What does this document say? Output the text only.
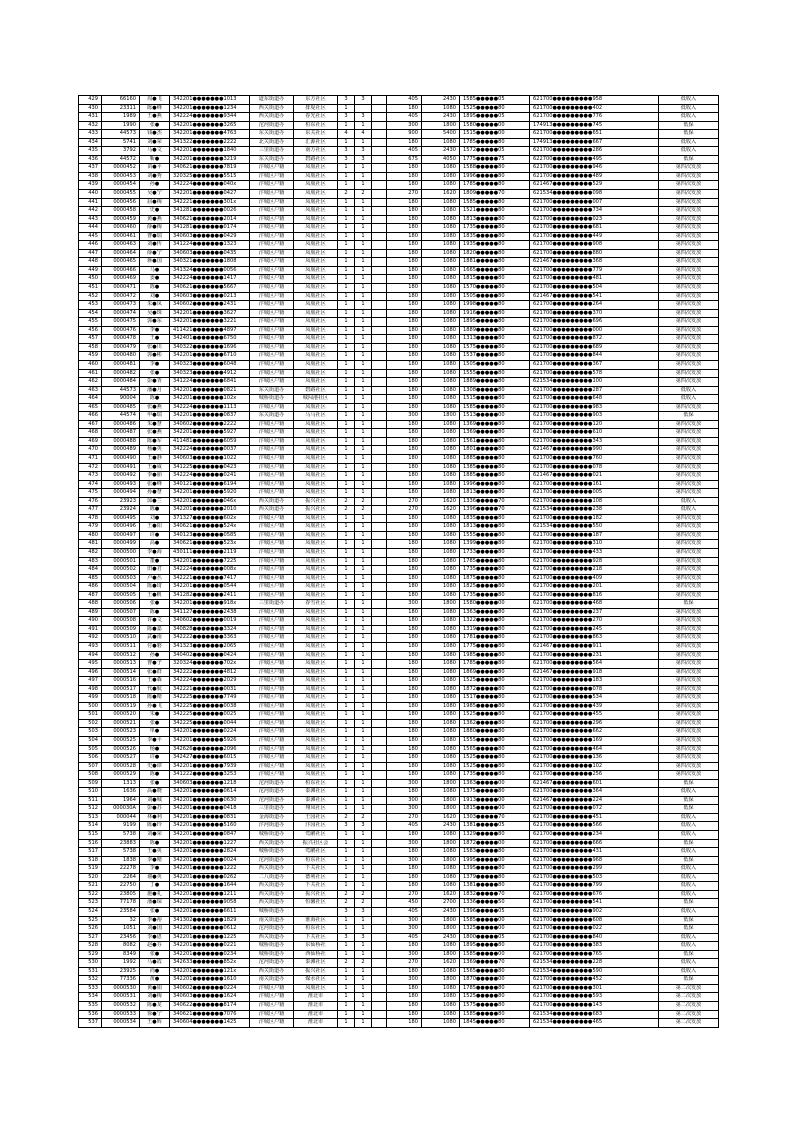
429	66160	周●飞	342201●●●●●●●1013	道东街道办	东方社区	3	3		405	2430	1585●●●●●05	621700●●●●●●●●●958	低收入
430	23311	陈●峰	342201●●●●●●●1234	西关街道办	排堤社区	1			180	1080	1525●●●●●80	621700●●●●●●●●●402	低收入
431	1989	王●燕	342224●●●●●●●9344	西关街道办	春光社区	3	3		405	2430	1895●●●●●05	621700●●●●●●●●●776	低收入
432	1990	张●	342201●●●●●●●3265	沱河街道办	桓东社区	1	1		300	1800	1580●●●●●00	174913●●●●●●●●●745	低保
433	44573	钱●杰	342201●●●●●●●4763	东关街道办	东关社区	4	4		900	5400	1515●●●●●00	621700●●●●●●●●●651	低保
434	5741	刘●荣	341322●●●●●●●2222	北关街道办	汇源社区	1	1		180	1080	1785●●●●●80	174913●●●●●●●●●667	低收入
435	3792	马●文	342201●●●●●●●1840	三里街道办	南方社区	3	3		405	2430	1572●●●●●05	621700●●●●●●●●●286	低收入
436	44572	靳●	342201●●●●●●●3219	东关街道办	碧路社区	3	3		675	4050	1775●●●●●75	622700●●●●●●●●●495	低保
437	0000452	苗●平	340621●●●●●●●7819	汴城区户籍	凤凰社区	1	1		180	1080	1588●●●●●80	621700●●●●●●●●●946	第四次发放
438	0000453	刘●秀	320325●●●●●●●5515	汴城区户籍	凤凰社区	1	1		180	1080	1996●●●●●80	621700●●●●●●●●●489	第四次发放
439	0000454	孙●	342224●●●●●●●040x	汴城区户籍	凤凰社区	1	1		180	1080	1785●●●●●80	621467●●●●●●●●●529	第四次发放
440	0000455	吴●宁	342201●●●●●●●0427	汴城区户籍	凤凰社区	2	2		270	1620	1809●●●●●70	621534●●●●●●●●●098	第四次发放
441	0000456	屈●梅	342221●●●●●●●301x	汴城区户籍	凤凰社区	1	1		180	1080	1585●●●●●80	621700●●●●●●●●●007	第四次发放
442	0000458	史●	341281●●●●●●●0026	汴城区户籍	凤凰社区	1	1		180	1080	1521●●●●●80	621700●●●●●●●●●734	第四次发放
443	0000459	黄●燕	340621●●●●●●●2014	汴城区户籍	凤凰社区	1	1		180	1080	1813●●●●●80	621700●●●●●●●●●023	第四次发放
444	0000460	薛●梅	341281●●●●●●●0174	汴城区户籍	凤凰社区	1	1		180	1080	1735●●●●●80	621700●●●●●●●●●681	第四次发放
445	0000461	曹●瑞	340603●●●●●●●0429	汴城区户籍	凤凰社区	1	1		180	1080	1835●●●●●80	621700●●●●●●●●●449	第四次发放
446	0000463	刘●传	341224●●●●●●●1323	汴城区户籍	凤凰社区	1	1		180	1080	1935●●●●●80	621700●●●●●●●●●908	第四次发放
447	0000464	薛●宁	340603●●●●●●●0435	汴城区户籍	凤凰社区	1	1		180	1080	1820●●●●●80	621700●●●●●●●●●880	第四次发放
448	0000465	蒋●国	340321●●●●●●●1808	汴城区户籍	凤凰社区	1	1		180	1080	1881●●●●●80	621467●●●●●●●●●368	第四次发放
449	0000466	马●	341324●●●●●●●0056	汴城区户籍	凤凰社区	1	1		180	1080	1665●●●●●80	621700●●●●●●●●●779	第四次发放
450	0000469	姜●	342224●●●●●●●1417	汴城区户籍	凤凰社区	1	1		180	1080	1815●●●●●80	621700●●●●●●●●●481	第四次发放
451	0000471	陈●	340621●●●●●●●5667	汴城区户籍	凤凰社区	1	1		180	1080	1570●●●●●80	621700●●●●●●●●●504	第四次发放
452	0000472	刘●	340603●●●●●●●0213	汴城区户籍	凤凰社区	1	1		180	1080	1505●●●●●80	621467●●●●●●●●●541	第四次发放
453	0000473	朱●凤	340602●●●●●●●2431	汴城区户籍	凤凰社区	1	1		180	1080	1998●●●●●80	621700●●●●●●●●●264	第四次发放
454	0000474	吴●珠	342201●●●●●●●3627	汴城区户籍	凤凰社区	1	1		180	1080	1916●●●●●80	621700●●●●●●●●●370	第四次发放
455	0000475	郭●东	342201●●●●●●●3221	汴城区户籍	凤凰社区	1	1		180	1080	1895●●●●●80	621700●●●●●●●●●696	第四次发放
456	0000476	李●	411421●●●●●●●4897	汴城区户籍	凤凰社区	1	1		180	1080	1889●●●●●80	621700●●●●●●●●●000	第四次发放
457	0000478	王●	342401●●●●●●●6750	汴城区户籍	凤凰社区	1	1		180	1080	1313●●●●●80	621700●●●●●●●●●872	第四次发放
458	0000479	张●川	340322●●●●●●●1696	汴城区户籍	凤凰社区	1	1		180	1080	1575●●●●●80	621700●●●●●●●●●689	第四次发放
459	0000480	郭●彬	342201●●●●●●●6710	汴城区户籍	凤凰社区	1	1		180	1080	1537●●●●●80	621700●●●●●●●●●844	第四次发放
460	0000481	李●	340323●●●●●●●6048	汴城区户籍	凤凰社区	1	1		180	1080	1505●●●●●80	621700●●●●●●●●●367	第四次发放
461	0000482	张●	340323●●●●●●●4912	汴城区户籍	凤凰社区	1	1		180	1080	1555●●●●●80	621700●●●●●●●●●578	第四次发放
462	0000484	彭●青	341224●●●●●●●6841	汴城区户籍	凤凰社区	1	1		180	1080	1889●●●●●80	621534●●●●●●●●●100	第四次发放
463	44573	潘●月	342201●●●●●●●0821	东关街道办	碧路社区	1	1		180	1080	1308●●●●●80	621700●●●●●●●●●287	低收入
464	90004	陈●	342201●●●●●●●102x	城桥街道办	城闯港社区	1	1		180	1080	1515●●●●●80	621700●●●●●●●●●648	低收入
465	0000485	张●燕	342224●●●●●●●1113	汴城区户籍	凤凰社区	1	1		180	1080	1585●●●●●80	621700●●●●●●●●●983	第四次发放
466	44574	申●瑞	342201●●●●●●●0837	东关街道办	马马社区	1	1		300	1800	1513●●●●●00	621700●●●●●●●●●903	低保
467	0000486	朱●慧	340602●●●●●●●2222	汴城区户籍	凤凰社区	1	1		180	1080	1369●●●●●80	621700●●●●●●●●●120	第四次发放
468	0000487	张●燕	342201●●●●●●●5927	汴城区户籍	凤凰社区	1	1		180	1080	1369●●●●●80	621700●●●●●●●●●610	第四次发放
469	0000488	陈●军	411481●●●●●●●6059	汴城区户籍	凤凰社区	1	1		180	1080	1561●●●●●80	621700●●●●●●●●●343	第四次发放
470	0000489	杨●英	342224●●●●●●●0037	汴城区户籍	凤凰社区	1	1		180	1080	1801●●●●●80	621467●●●●●●●●●990	第四次发放
471	0000490	王●静	340603●●●●●●●1022	汴城区户籍	凤凰社区	1	1		180	1080	1885●●●●●80	621700●●●●●●●●●760	第四次发放
472	0000491	王●威	341225●●●●●●●0423	汴城区户籍	凤凰社区	1	1		180	1080	1385●●●●●80	621700●●●●●●●●●078	第四次发放
473	0000492	李●丽	342224●●●●●●●0241	汴城区户籍	凤凰社区	1	1		180	1080	1885●●●●●80	621467●●●●●●●●●021	第四次发放
474	0000493	张●峰	340121●●●●●●●6194	汴城区户籍	凤凰社区	1	1		180	1080	1996●●●●●80	621700●●●●●●●●●161	第四次发放
475	0000494	孙●慧	342201●●●●●●●5920	汴城区户籍	凤凰社区	1	1		180	1080	1813●●●●●80	621700●●●●●●●●●005	第四次发放
476	23923	邱●兰	342201●●●●●●●046x	西关街道办	振兴社区	2	2		270	1620	1336●●●●●70	621700●●●●●●●●●108	低收入
477	23924	陈●	342201●●●●●●●2010	西关街道办	振兴社区	2	2		270	1620	1396●●●●●70	621534●●●●●●●●●238	低收入
478	0000495	刘●	371327●●●●●●●602x	汴城区户籍	凤凰社区	1	1		180	1080	1835●●●●●80	621700●●●●●●●●●182	第四次发放
479	0000496	王●阳	340621●●●●●●●524x	汴城区户籍	凤凰社区	1	1		180	1080	1813●●●●●80	621534●●●●●●●●●550	第四次发放
480	0000497	许●	340123●●●●●●●0585	汴城区户籍	凤凰社区	1	1		180	1080	1555●●●●●80	621700●●●●●●●●●187	第四次发放
481	0000499	高●	340621●●●●●●●523x	汴城区户籍	凤凰社区	1	1		180	1080	1399●●●●●80	621700●●●●●●●●●310	第四次发放
482	0000500	李●海	430111●●●●●●●2119	汴城区户籍	凤凰社区	1	1		180	1080	1733●●●●●80	621700●●●●●●●●●433	第四次发放
483	0000501	董●	342201●●●●●●●7225	汴城区户籍	凤凰社区	1	1		180	1080	1785●●●●●80	621700●●●●●●●●●928	第四次发放
484	0000502	田●君	342224●●●●●●●008x	汴城区户籍	凤凰社区	1	1		180	1080	1735●●●●●80	621700●●●●●●●●●218	第四次发放
485	0000503	卢●丛	342221●●●●●●●7417	汴城区户籍	凤凰社区	1	1		180	1080	1875●●●●●80	621700●●●●●●●●●409	第四次发放
486	0000504	陈●琦	342201●●●●●●●0544	汴城区户籍	凤凰社区	1	1		180	1080	1825●●●●●80	621700●●●●●●●●●201	第四次发放
487	0000505	王●帆	341282●●●●●●●2411	汴城区户籍	凤凰社区	1	1		180	1080	1735●●●●●80	621700●●●●●●●●●816	第四次发放
488	0000506	张●	342201●●●●●●●918x	三里街道办	春雪社区	1	1		300	1800	1580●●●●●00	621700●●●●●●●●●468	低保
489	0000507	陈●	341127●●●●●●●2438	汴城区户籍	凤凰社区	1	1		180	1080	1363●●●●●80	621700●●●●●●●●●237	第四次发放
490	0000508	许●文	340602●●●●●●●0019	汴城区户籍	凤凰社区	1	1		180	1080	1322●●●●●80	621700●●●●●●●●●270	第四次发放
491	0000509	陈●嘉	340828●●●●●●●3324	汴城区户籍	凤凰社区	1	1		180	1080	1319●●●●●80	621700●●●●●●●●●245	第四次发放
492	0000510	武●南	342222●●●●●●●3363	汴城区户籍	凤凰社区	1	1		180	1080	1781●●●●●80	621700●●●●●●●●●863	第四次发放
493	0000511	付●磐	341323●●●●●●●2065	汴城区户籍	凤凰社区	1	1		180	1080	1775●●●●●80	621467●●●●●●●●●911	第四次发放
494	0000512	孙●	340402●●●●●●●0424	汴城区户籍	凤凰社区	1	1		180	1080	1985●●●●●80	621700●●●●●●●●●231	第四次发放
495	0000513	曹●子	320324●●●●●●●702x	汴城区户籍	凤凰社区	1	1		180	1080	1785●●●●●80	621700●●●●●●●●●564	第四次发放
496	0000514	张●群	342222●●●●●●●4812	汴城区户籍	凤凰社区	1	1		180	1080	1869●●●●●80	621467●●●●●●●●●918	第四次发放
497	0000516	王●森	342224●●●●●●●2029	汴城区户籍	凤凰社区	1	1		180	1080	1525●●●●●80	621700●●●●●●●●●183	第四次发放
498	0000517	代●航	342221●●●●●●●0031	汴城区户籍	凤凰社区	1	1		180	1080	1872●●●●●80	621700●●●●●●●●●078	第四次发放
499	0000518	陈●晴	342225●●●●●●●7749	汴城区户籍	凤凰社区	1	1		180	1080	1517●●●●●80	621700●●●●●●●●●534	第四次发放
500	0000519	孙●飞	342225●●●●●●●0038	汴城区户籍	凤凰社区	1	1		180	1080	1985●●●●●80	621700●●●●●●●●●439	第四次发放
501	0000520	朱●	342225●●●●●●●0025	汴城区户籍	凤凰社区	1	1		180	1080	1525●●●●●80	621700●●●●●●●●●455	第四次发放
502	0000521	张●	342225●●●●●●●0044	汴城区户籍	凤凰社区	1	1		180	1080	1362●●●●●80	621700●●●●●●●●●296	第四次发放
503	0000523	单●	342201●●●●●●●0224	汴城区户籍	凤凰社区	1	1		180	1080	1880●●●●●80	621700●●●●●●●●●662	第四次发放
504	0000525	李●平	342201●●●●●●●5926	汴城区户籍	凤凰社区	1	1		180	1080	1555●●●●●80	621700●●●●●●●●●169	第四次发放
505	0000526	杨●	342626●●●●●●●2096	汴城区户籍	凤凰社区	1	1		180	1080	1565●●●●●80	621700●●●●●●●●●464	第四次发放
506	0000527	许●	342427●●●●●●●6015	汴城区户籍	凤凰社区	1	1		180	1080	1525●●●●●80	621700●●●●●●●●●136	第四次发放
507	0000528	史●谭	342201●●●●●●●7939	汴城区户籍	凤凰社区	1	1		180	1080	1525●●●●●80	621700●●●●●●●●●102	第四次发放
508	0000529	陈●	341222●●●●●●●3253	汴城区户籍	凤凰社区	1	1		180	1080	1735●●●●●80	621700●●●●●●●●●256	第四次发放
509	1313	张●	340603●●●●●●●1218	沱河街道办	桓东社区	1	1		300	1800	1363●●●●●00	621467●●●●●●●●●601	低保
510	1636	高●晓	342201●●●●●●●0614	沱河街道办	泰滩社区	1	1		180	1080	1375●●●●●80	621700●●●●●●●●●364	低收入
511	1964	刘●城	342201●●●●●●●0630	沱河街道办	泰滩社区	1	1		300	1800	1913●●●●●00	621467●●●●●●●●●224	低保
512	000030A	彭●苏	342201●●●●●●●0418	三里街道办	翔凤社区	1	1		300	1800	1815●●●●●00	621700●●●●●●●●●072	低保
513	000044	林●利	342201●●●●●●●0831	金海街道办	王园社区	2	2		270	1620	1303●●●●●70	621700●●●●●●●●●451	低收入
514	9199	陈●玲	342201●●●●●●●5160	汴河街道办	汴园社区	3	3		405	2430	1381●●●●●05	621700●●●●●●●●●566	低收入
515	5738	刘●荣	342201●●●●●●●0847	城桥街道办	莺鹂社区	1	1		180	1080	1329●●●●●80	621700●●●●●●●●●234	低收入
516	23883	陈●	342201●●●●●●●1227	西关街道办	振兴社区会	1	1		300	1800	1872●●●●●00	621700●●●●●●●●●666	低保
517	5738	王●英	342201●●●●●●●2824	城桥街道办	莺鹂社区	1	1		180	1080	1583●●●●●80	621700●●●●●●●●●431	低收入
518	1838	李●晴	342201●●●●●●●0024	沱河街道办	桓东社区	1	1		300	1800	1995●●●●●00	621700●●●●●●●●●968	低保
519	22278	李●	342201●●●●●●●1222	西关街道办	下关社区	1	1		180	1080	1395●●●●●80	621700●●●●●●●●●299	低收入
520	2264	谢●英	342201●●●●●●●0262	二八街道办	德利社区	1	1		180	1080	1379●●●●●80	621700●●●●●●●●●503	低收入
521	22750	丁●	342201●●●●●●●1644	西关街道办	下关社区	1	1		180	1080	1381●●●●●80	621700●●●●●●●●●799	低收入
522	23805	施●礼	342201●●●●●●●1211	西关街道办	振兴社区	2	2		270	1620	1832●●●●●70	621700●●●●●●●●●676	低收入
523	77178	潘●琛	342201●●●●●●●9058	西关街道办	恒馨社区	2	2		450	2700	1336●●●●●50	621700●●●●●●●●●541	低保
524	23584	张●	342201●●●●●●●6611	城桥街道办		3	3		405	2430	1396●●●●●05	621700●●●●●●●●●902	低收入
525	32	李●裕	341302●●●●●●●1829	南关街道办	淮海社区	1	1		300	1800	1585●●●●●00	621700●●●●●●●●●608	低保
526	1051	刘●国	342201●●●●●●●0612	沱河街道办	桓东社区	1	1		300	1800	1325●●●●●00	621700●●●●●●●●●022	低保
527	23456	李●恩	342201●●●●●●●1225	西关街道办	下关社区	3	3		405	2430	1800●●●●●05	621700●●●●●●●●●840	低收入
528	8082	赵●芬	342201●●●●●●●0221	城桥街道办	东仙桥社	1	1		180	1080	1895●●●●●80	621700●●●●●●●●●383	低收入
529	8349	张●	342201●●●●●●●0234	城桥街道办	西仙桥社	1	1		300	1800	1585●●●●●00	621700●●●●●●●●●765	低保
530	1992	马●霞	342633●●●●●●●852x	沱河街道办	泰滩社区	2	2		270	1620	1369●●●●●70	621534●●●●●●●●●228	低收入
531	23925	尚●	342201●●●●●●●121x	西关街道办	振兴社区	1	1		180	1080	1565●●●●●80	621534●●●●●●●●●590	低收入
532	77336	黄●	342201●●●●●●●1610	南关街道办	煤水社区	1	1		300	1800	1870●●●●●00	621700●●●●●●●●●452	低保
533	0000530	黄●娟	340602●●●●●●●0224	汴城区户籍	凤凰社区	1	1		180	1080	1785●●●●●80	621700●●●●●●●●●301	第二次发放
534	0000531	刘●梅	340603●●●●●●●1624	汴城区户籍	淮北市	1	1		180	1080	1525●●●●●80	621700●●●●●●●●●593	第二次发放
535	0000532	陈●龙	340622●●●●●●●8174	汴城区户籍	淮北市	1	1		180	1080	1575●●●●●80	621700●●●●●●●●●143	第二次发放
536	0000533	徐●宁	340621●●●●●●●7076	汴城区户籍	淮北市	1	1		180	1080	1585●●●●●80	621534●●●●●●●●●683	第二次发放
537	0000534	王●辉	340604●●●●●●●1425	汴城区户籍	淮北市	1	1		180	1080	1845●●●●●80	621534●●●●●●●●●465	第二次发放
